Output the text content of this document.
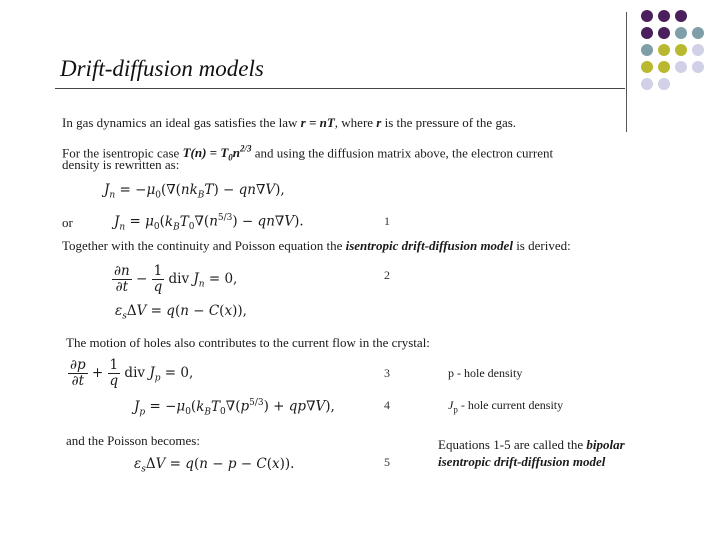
Drift-diffusion models
In gas dynamics an ideal gas satisfies the law r = nT, where r is the pressure of the gas.
For the isentropic case $T(n) = T_0n^{2/3}$ and using the diffusion matrix above, the electron current
density is rewritten as:
$J_n = -\mu_0(\nabla(nk_BT) - qn\nabla V)$,
or	$J_n = \mu_0(k_BT_0\nabla(n^{5/3}) - qn\nabla V)$.	1
Together with the continuity and Poisson equation the isentropic drift-diffusion model is derived:
$\frac{\partial n}{\partial t} - \frac{1}{q}$ div $J_n = 0$,
$\varepsilon_s\Delta V = q(n - C(x))$,
2
The motion of holes also contributes to the current flow in the crystal:
$\frac{\partial p}{\partial t} + \frac{1}{q}$ div $J_p = 0$,	3	p - hole density
$J_p = -\mu_0(k_BT_0\nabla(p^{5/3}) + qp\nabla V)$,	4	$J_p$ - hole current density
and the Poisson becomes:
$\varepsilon_s\Delta V = q(n - p - C(x))$.	5
Equations 1-5 are called the bipolar
isentropic drift-diffusion model
